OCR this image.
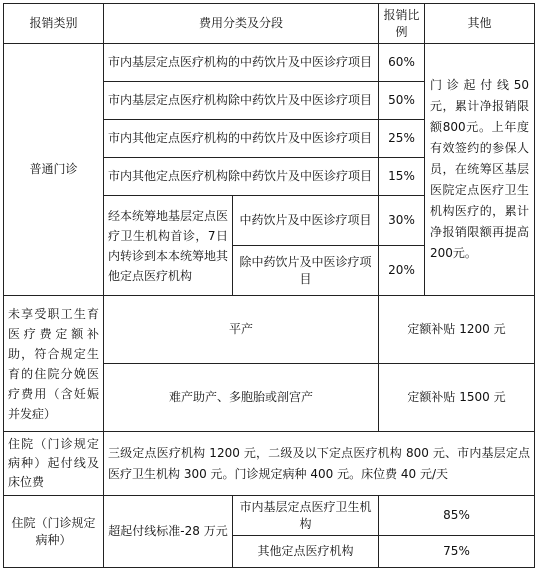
报销类别	费用分类及分段		报销比例	其他
普通门诊	市内基层定点医疗机构的中药饮片及中医诊疗项目		60%	门诊起付线50元，累计净报销限额800元。上年度有效签约的参保人员，在统筹区基层医院定点医疗卫生机构医疗的，累计净报销限额再提高200元。
	市内基层定点医疗机构除中药饮片及中医诊疗项目		50%	
	市内其他定点医疗机构的中药饮片及中医诊疗项目		25%	
	市内其他定点医疗机构除中药饮片及中医诊疗项目		15%	
	经本统筹地基层定点医疗卫生机构首诊，7日内转诊到本本统筹地其他定点医疗机构	中药饮片及中医诊疗项目	30%	
		除中药饮片及中医诊疗项目	20%	
未享受职工生育医疗费定额补助，符合规定生育的住院分娩医疗费用（含妊娠并发症）	平产		定额补贴 1200 元	
	难产助产、多胞胎或剖宫产		定额补贴 1500 元	
住院（门诊规定病种）起付线及床位费	三级定点医疗机构 1200 元，二级及以下定点医疗机构 800 元、市内基层定点医疗卫生机构 300 元。门诊规定病种 400 元。床位费 40 元/天			
住院（门诊规定病种）	超起付线标准-28 万元	市内基层定点医疗卫生机构	85%	
		其他定点医疗机构	75%	
